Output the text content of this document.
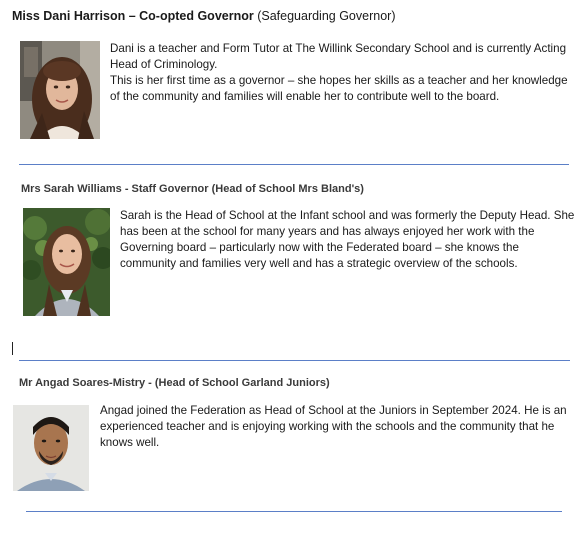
Miss Dani Harrison – Co-opted Governor (Safeguarding Governor)

Dani is a teacher and Form Tutor at The Willink Secondary School and is currently Acting Head of Criminology.

This is her first time as a governor – she hopes her skills as a teacher and her knowledge of the community and families will enable her to contribute well to the board.

Mrs Sarah Williams - Staff Governor (Head of School Mrs Bland's)

Sarah is the Head of School at the Infant school and was formerly the Deputy Head. She has been at the school for many years and has always enjoyed her work with the Governing board – particularly now with the Federated board – she knows the community and families very well and has a strategic overview of the schools.

Mr Angad Soares-Mistry - (Head of School Garland Juniors)

Angad joined the Federation as Head of School at the Juniors in September 2024. He is an experienced teacher and is enjoying working with the schools and the community that he knows well.
